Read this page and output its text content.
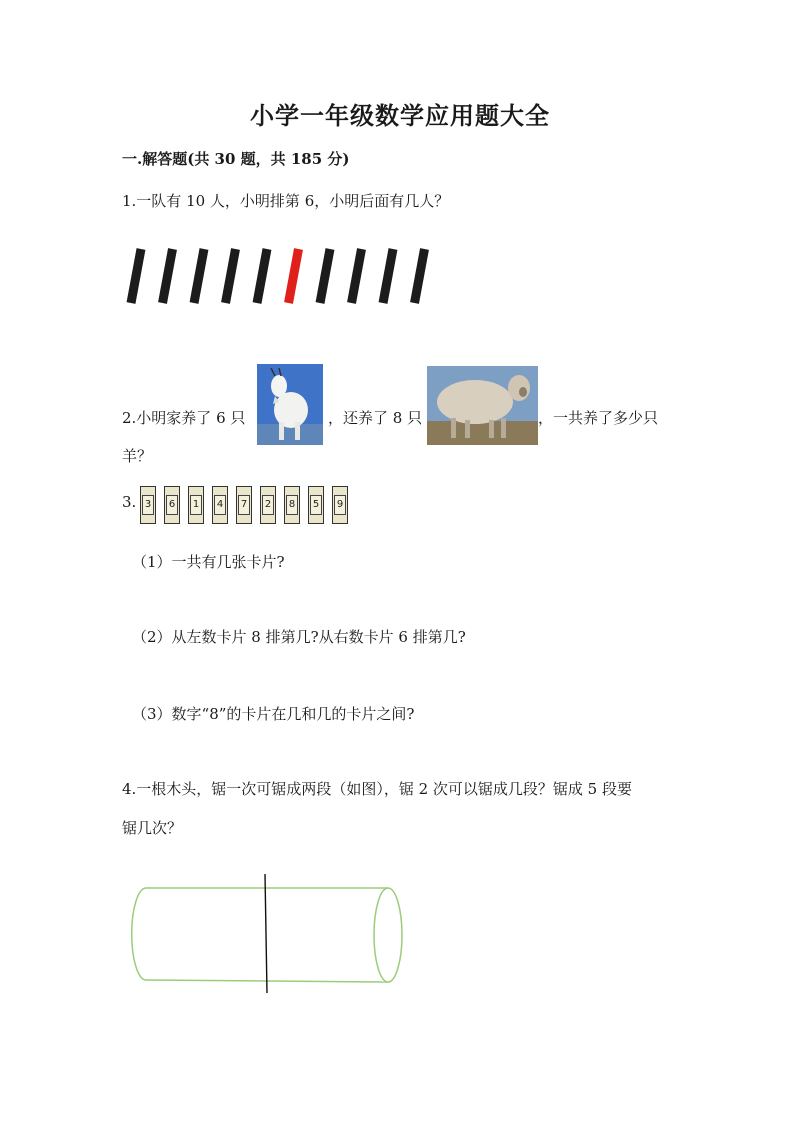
小学一年级数学应用题大全
一.解答题(共 30 题，共 185 分)
1.一队有 10 人，小明排第 6，小明后面有几人？
2.小明家养了 6 只	，还养了 8 只	，一共养了多少只
羊？
3. 3 6 1 4 7 2 8 5 9
（1）一共有几张卡片?
（2）从左数卡片 8 排第几?从右数卡片 6 排第几?
（3）数字“8”的卡片在几和几的卡片之间?
4.一根木头，锯一次可锯成两段（如图），锯 2 次可以锯成几段？锯成 5 段要
锯几次？
